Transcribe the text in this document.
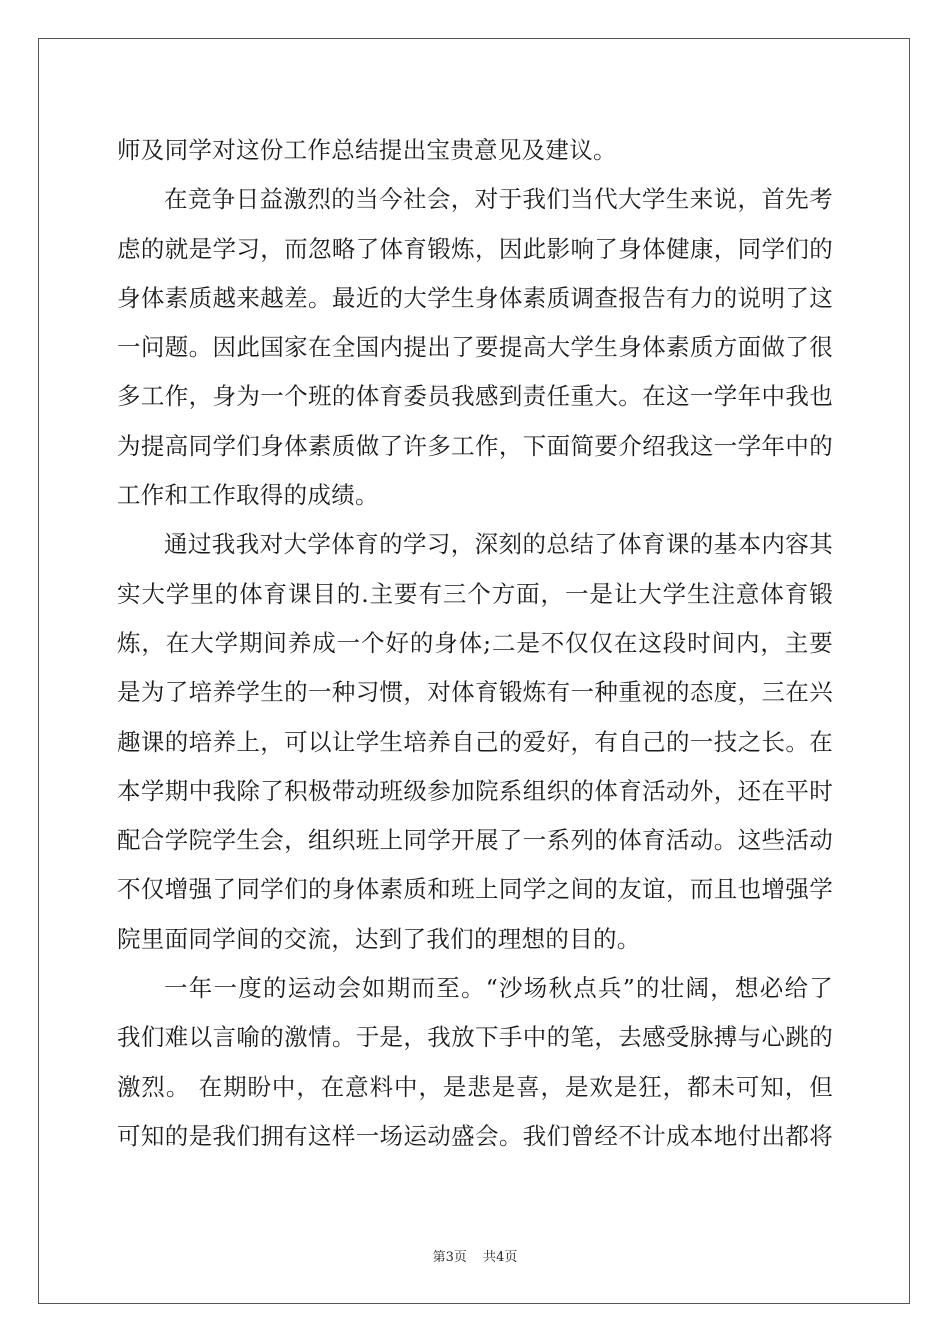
师及同学对这份工作总结提出宝贵意见及建议。
在竞争日益激烈的当今社会，对于我们当代大学生来说，首先考
虑的就是学习，而忽略了体育锻炼，因此影响了身体健康，同学们的
身体素质越来越差。最近的大学生身体素质调查报告有力的说明了这
一问题。因此国家在全国内提出了要提高大学生身体素质方面做了很
多工作，身为一个班的体育委员我感到责任重大。在这一学年中我也
为提高同学们身体素质做了许多工作，下面简要介绍我这一学年中的
工作和工作取得的成绩。
通过我我对大学体育的学习，深刻的总结了体育课的基本内容其
实大学里的体育课目的.主要有三个方面，一是让大学生注意体育锻
炼，在大学期间养成一个好的身体;二是不仅仅在这段时间内，主要
是为了培养学生的一种习惯，对体育锻炼有一种重视的态度，三在兴
趣课的培养上，可以让学生培养自己的爱好，有自己的一技之长。在
本学期中我除了积极带动班级参加院系组织的体育活动外，还在平时
配合学院学生会，组织班上同学开展了一系列的体育活动。这些活动
不仅增强了同学们的身体素质和班上同学之间的友谊，而且也增强学
院里面同学间的交流，达到了我们的理想的目的。
一年一度的运动会如期而至。“沙场秋点兵”的壮阔，想必给了
我们难以言喻的激情。于是，我放下手中的笔，去感受脉搏与心跳的
激烈。 在期盼中，在意料中，是悲是喜，是欢是狂，都未可知，但
可知的是我们拥有这样一场运动盛会。我们曾经不计成本地付出都将
第3页 共4页
